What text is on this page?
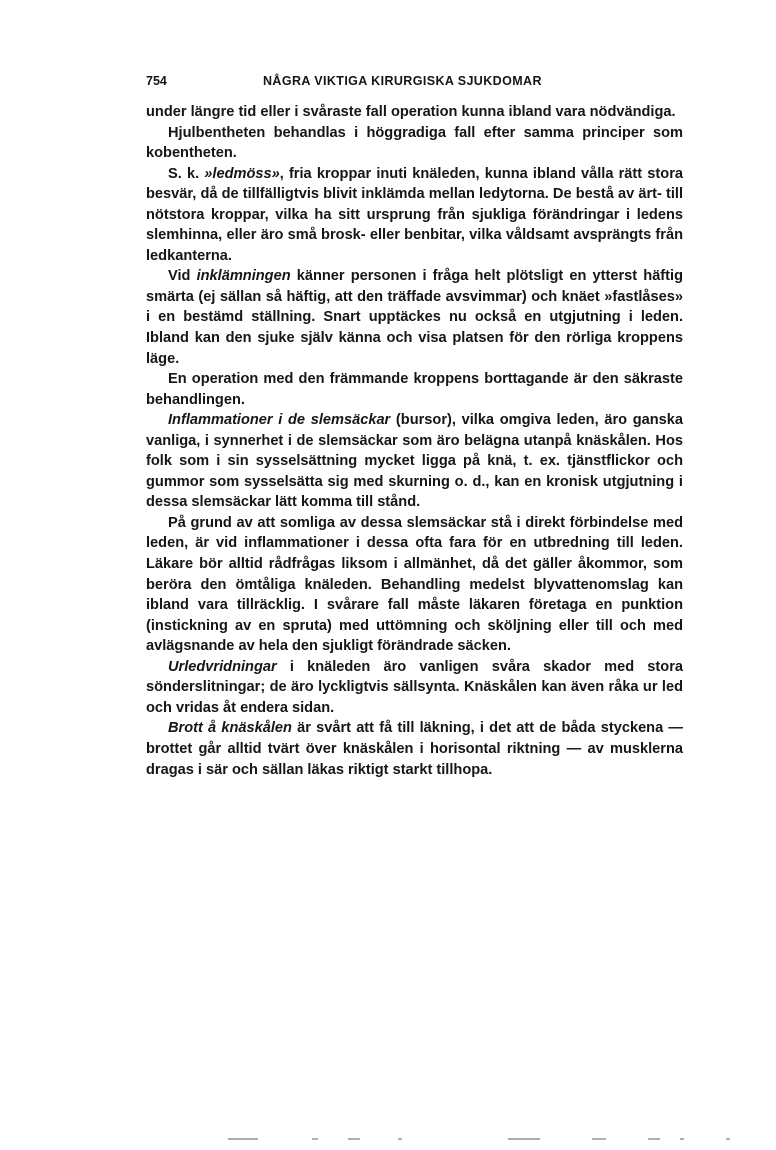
754	NÅGRA VIKTIGA KIRURGISKA SJUKDOMAR

under längre tid eller i svåraste fall operation kunna ibland vara nödvändiga.

Hjulbentheten behandlas i höggradiga fall efter samma principer som kobentheten.

S. k. »ledmöss», fria kroppar inuti knäleden, kunna ibland vålla rätt stora besvär, då de tillfälligtvis blivit inklämda mellan ledytorna. De bestå av ärt- till nötstora kroppar, vilka ha sitt ursprung från sjukliga förändringar i ledens slemhinna, eller äro små brosk- eller benbitar, vilka våldsamt avsprängts från ledkanterna.

Vid inklämningen känner personen i fråga helt plötsligt en ytterst häftig smärta (ej sällan så häftig, att den träffade avsvimmar) och knäet »fastlåses» i en bestämd ställning. Snart upptäckes nu också en utgjutning i leden. Ibland kan den sjuke själv känna och visa platsen för den rörliga kroppens läge.

En operation med den främmande kroppens borttagande är den säkraste behandlingen.

Inflammationer i de slemsäckar (bursor), vilka omgiva leden, äro ganska vanliga, i synnerhet i de slemsäckar som äro belägna utanpå knäskålen. Hos folk som i sin sysselsättning mycket ligga på knä, t. ex. tjänstflickor och gummor som sysselsätta sig med skurning o. d., kan en kronisk utgjutning i dessa slemsäckar lätt komma till stånd.

På grund av att somliga av dessa slemsäckar stå i direkt förbindelse med leden, är vid inflammationer i dessa ofta fara för en utbredning till leden. Läkare bör alltid rådfrågas liksom i allmänhet, då det gäller åkommor, som beröra den ömtåliga knäleden. Behandling medelst blyvattenomslag kan ibland vara tillräcklig. I svårare fall måste läkaren företaga en punktion (instickning av en spruta) med uttömning och sköljning eller till och med avlägsnande av hela den sjukligt förändrade säcken.

Urledvridningar i knäleden äro vanligen svåra skador med stora sönderslitningar; de äro lyckligtvis sällsynta. Knäskålen kan även råka ur led och vridas åt endera sidan.

Brott å knäskålen är svårt att få till läkning, i det att de båda styckena — brottet går alltid tvärt över knäskålen i horisontal riktning — av musklerna dragas i sär och sällan läkas riktigt starkt tillhopa.
